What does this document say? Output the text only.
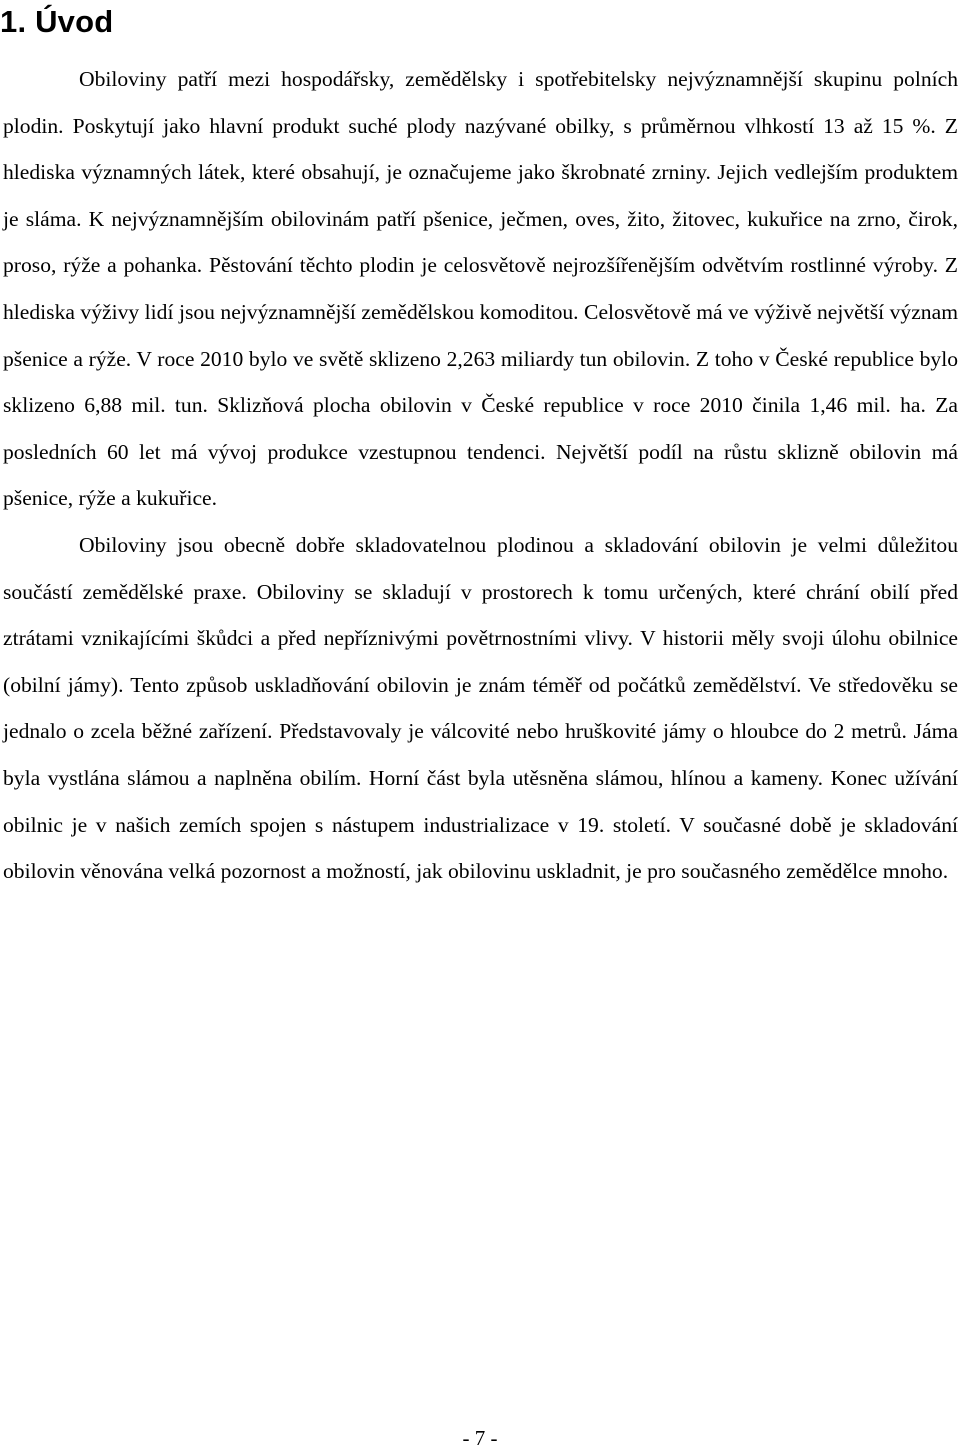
1. Úvod

Obiloviny patří mezi hospodářsky, zemědělsky i spotřebitelsky nejvýznamnější skupinu polních plodin. Poskytují jako hlavní produkt suché plody nazývané obilky, s průměrnou vlhkostí 13 až 15 %. Z hlediska významných látek, které obsahují, je označujeme jako škrobnaté zrniny. Jejich vedlejším produktem je sláma. K nejvýznamnějším obilovinám patří pšenice, ječmen, oves, žito, žitovec, kukuřice na zrno, čirok, proso, rýže a pohanka. Pěstování těchto plodin je celosvětově nejrozšířenějším odvětvím rostlinné výroby. Z hlediska výživy lidí jsou nejvýznamnější zemědělskou komoditou. Celosvětově má ve výživě největší význam pšenice a rýže. V roce 2010 bylo ve světě sklizeno 2,263 miliardy tun obilovin. Z toho v České republice bylo sklizeno 6,88 mil. tun. Sklizňová plocha obilovin v České republice v roce 2010 činila 1,46 mil. ha. Za posledních 60 let má vývoj produkce vzestupnou tendenci. Největší podíl na růstu sklizně obilovin má pšenice, rýže a kukuřice.

Obiloviny jsou obecně dobře skladovatelnou plodinou a skladování obilovin je velmi důležitou součástí zemědělské praxe. Obiloviny se skladují v prostorech k tomu určených, které chrání obilí před ztrátami vznikajícími škůdci a před nepříznivými povětrnostními vlivy. V historii měly svoji úlohu obilnice (obilní jámy). Tento způsob uskladňování obilovin je znám téměř od počátků zemědělství. Ve středověku se jednalo o zcela běžné zařízení. Představovaly je válcovité nebo hruškovité jámy o hloubce do 2 metrů. Jáma byla vystlána slámou a naplněna obilím. Horní část byla utěsněna slámou, hlínou a kameny. Konec užívání obilnic je v našich zemích spojen s nástupem industrializace v 19. století. V současné době je skladování obilovin věnována velká pozornost a možností, jak obilovinu uskladnit, je pro současného zemědělce mnoho.

- 7 -
